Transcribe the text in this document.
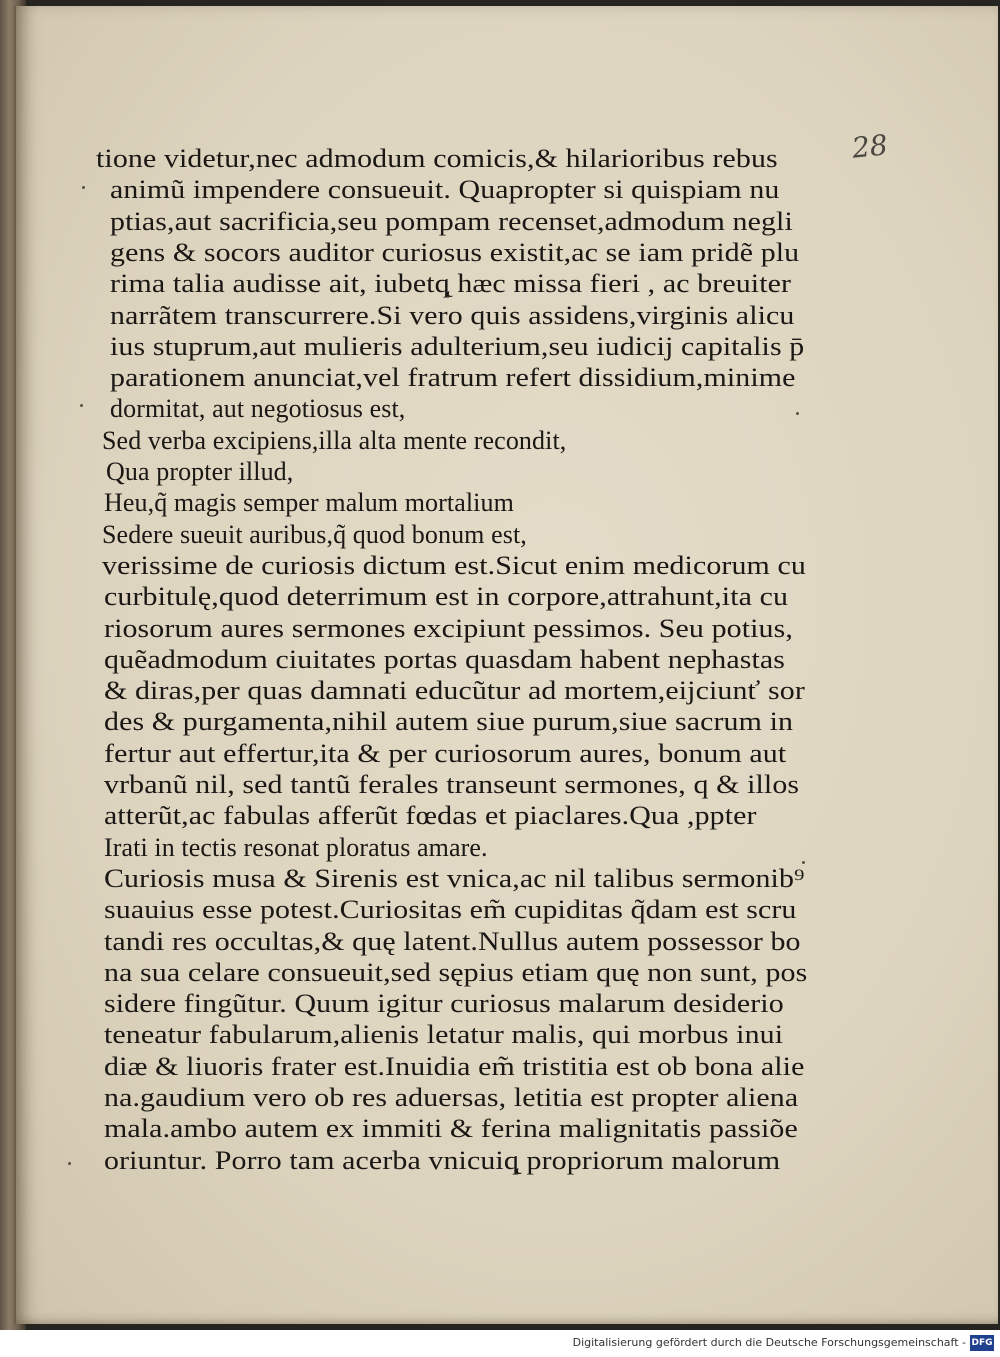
28
tione videtur,nec admodum comicis,& hilarioribus rebus
animũ impendere consueuit. Quapropter si quispiam nu
ptias,aut sacrificia,seu pompam recenset,admodum negli
gens & socors auditor curiosus existit,ac se iam pridẽ plu
rima talia audisse ait, iubetq̨ hæc missa fieri , ac breuiter
narrãtem transcurrere.Si vero quis assidens,virginis alicu
ius stuprum,aut mulieris adulterium,seu iudicij capitalis p̄
parationem anunciat,vel fratrum refert dissidium,minime
dormitat, aut negotiosus est,
Sed verba excipiens,illa alta mente recondit,
Qua propter illud,
Heu,q̃ magis semper malum mortalium
Sedere sueuit auribus,q̃ quod bonum est,
verissime de curiosis dictum est.Sicut enim medicorum cu
curbitulę,quod deterrimum est in corpore,attrahunt,ita cu
riosorum aures sermones excipiunt pessimos. Seu potius,
quẽadmodum ciuitates portas quasdam habent nephastas
& diras,per quas damnati educũtur ad mortem,eijciunť sor
des & purgamenta,nihil autem siue purum,siue sacrum in
fertur aut effertur,ita & per curiosorum aures, bonum aut
vrbanũ nil, sed tantũ ferales transeunt sermones, q & illos
atterũt,ac fabulas afferũt fœdas et piaclares.Qua ,ppter
Irati in tectis resonat ploratus amare.
Curiosis musa & Sirenis est vnica,ac nil talibus sermonib⁹
suauius esse potest.Curiositas em̃ cupiditas q̃dam est scru
tandi res occultas,& quę latent.Nullus autem possessor bo
na sua celare consueuit,sed sępius etiam quę non sunt, pos
sidere fingũtur. Quum igitur curiosus malarum desiderio
teneatur fabularum,alienis letatur malis, qui morbus inui
diæ & liuoris frater est.Inuidia em̃ tristitia est ob bona alie
na.gaudium vero ob res aduersas, letitia est propter aliena
mala.ambo autem ex immiti & ferina malignitatis passiõe
oriuntur. Porro tam acerba vnicuiq̨ propriorum malorum
Digitalisierung gefördert durch die Deutsche Forschungsgemeinschaft - DFG
